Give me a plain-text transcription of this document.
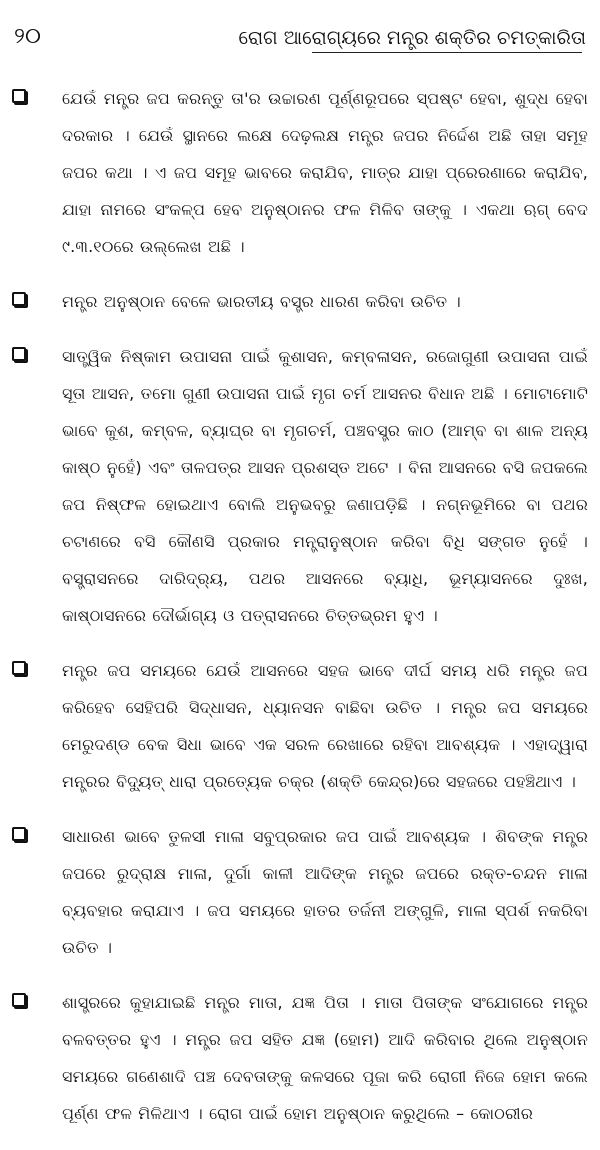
୨୦	ରୋଗ ଆରୋଗ୍ୟରେ ମନ୍ତ୍ର ଶକ୍ତିର ଚମତ୍କାରିତା
ଯେଉଁ ମନ୍ତ୍ର ଜପ କରନ୍ତୁ ତା'ର ଉଚ୍ଚାରଣ ପୂର୍ଣ୍ଣରୂପରେ ସ୍ପଷ୍ଟ ହେବା, ଶୁଦ୍ଧ ହେବା ଦରକାର । ଯେଉଁ ସ୍ଥାନରେ ଲକ୍ଷେ ଦେଢ଼ଲକ୍ଷ ମନ୍ତ୍ର ଜପର ନିର୍ଦ୍ଦେଶ ଅଛି ତାହା ସମୂହ ଜପର କଥା । ଏ ଜପ ସମୂହ ଭାବରେ କରାଯିବ, ମାତ୍ର ଯାହା ପ୍ରେରଣାରେ କରାଯିବ, ଯାହା ନାମରେ ସଂକଳ୍ପ ହେବ ଅନୁଷ୍ଠାନର ଫଳ ମିଳିବ ତାଙ୍କୁ । ଏକଥା ଋଗ୍ ବେଦ ୯.୩.୧୦ରେ ଉଲ୍ଲେଖ ଅଛି ।
ମନ୍ତ୍ର ଅନୁଷ୍ଠାନ ବେଳେ ଭାରତୀୟ ବସ୍ତ୍ର ଧାରଣ କରିବା ଉଚିତ ।
ସାତ୍ତ୍ୱିକ ନିଷ୍କାମ ଉପାସନା ପାଇଁ କୁଶାସନ, କମ୍ବଳାସନ, ରଜୋଗୁଣୀ ଉପାସନା ପାଇଁ ସୂତା ଆସନ, ତମୋ ଗୁଣୀ ଉପାସନା ପାଇଁ ମୃଗ ଚର୍ମ ଆସନର ବିଧାନ ଅଛି । ମୋଟାମୋଟି ଭାବେ କୁଶ, କମ୍ବଳ, ବ୍ୟାଘ୍ର ବା ମୃଗଚର୍ମ, ପଞ୍ଚବସ୍ତ୍ର କାଠ (ଆମ୍ବ ବା ଶାଳ ଅନ୍ୟ କାଷ୍ଠ ନୁହେଁ) ଏବଂ ତାଳପତ୍ର ଆସନ ପ୍ରଶସ୍ତ ଅଟେ । ବିନା ଆସନରେ ବସି ଜପକଲେ ଜପ ନିଷ୍ଫଳ ହୋଇଥାଏ ବୋଲି ଅନୁଭବରୁ ଜଣାପଡ଼ିଛି । ନଗ୍ନଭୂମିରେ ବା ପଥର ଚଟାଣରେ ବସି କୌଣସି ପ୍ରକାର ମନ୍ତ୍ରାନୁଷ୍ଠାନ କରିବା ବିଧି ସଙ୍ଗତ ନୁହେଁ । ବସ୍ତ୍ରାସନରେ ଦାରିଦ୍ର୍ୟ, ପଥର ଆସନରେ ବ୍ୟାଧି, ଭୂମ୍ୟାସନରେ ଦୁଃଖ, କାଷ୍ଠାସନରେ ଦୌର୍ଭାଗ୍ୟ ଓ ପତ୍ରାସନରେ ଚିତ୍ତଭ୍ରମ ହୁଏ ।
ମନ୍ତ୍ର ଜପ ସମୟରେ ଯେଉଁ ଆସନରେ ସହଜ ଭାବେ ଦୀର୍ଘ ସମୟ ଧରି ମନ୍ତ୍ର ଜପ କରିହେବ ସେହିପରି ସିଦ୍ଧାସନ, ଧ୍ୟାନସନ ବାଛିବା ଉଚିତ । ମନ୍ତ୍ର ଜପ ସମୟରେ ମେରୁଦଣ୍ଡ ବେକ ସିଧା ଭାବେ ଏକ ସରଳ ରେଖାରେ ରହିବା ଆବଶ୍ୟକ । ଏହାଦ୍ୱାରା ମନ୍ତ୍ରର ବିଦ୍ୟୁତ୍ ଧାରା ପ୍ରତ୍ୟେକ ଚକ୍ର (ଶକ୍ତି କେନ୍ଦ୍ର)ରେ ସହଜରେ ପହଞ୍ଚିଥାଏ ।
ସାଧାରଣ ଭାବେ ତୁଳସୀ ମାଳା ସବୁପ୍ରକାର ଜପ ପାଇଁ ଆବଶ୍ୟକ । ଶିବଙ୍କ ମନ୍ତ୍ର ଜପରେ ରୁଦ୍ରାକ୍ଷ ମାଳା, ଦୁର୍ଗା କାଳୀ ଆଦିଙ୍କ ମନ୍ତ୍ର ଜପରେ ରକ୍ତ-ଚନ୍ଦନ ମାଳା ବ୍ୟବହାର କରାଯାଏ । ଜପ ସମୟରେ ହାତର ତର୍ଜନୀ ଅଙ୍ଗୁଳି, ମାଳା ସ୍ପର୍ଶ ନକରିବା ଉଚିତ ।
ଶାସ୍ତ୍ରରେ କୁହାଯାଇଛି ମନ୍ତ୍ର ମାତା, ଯଜ୍ଞ ପିତା । ମାତା ପିତାଙ୍କ ସଂଯୋଗରେ ମନ୍ତ୍ର ବଳବତ୍ତର ହୁଏ । ମନ୍ତ୍ର ଜପ ସହିତ ଯଜ୍ଞ (ହୋମ) ଆଦି କରିବାର ଥିଲେ ଅନୁଷ୍ଠାନ ସମୟରେ ଗଣେଶାଦି ପଞ୍ଚ ଦେବତାଙ୍କୁ କଳସରେ ପୂଜା କରି ରୋଗୀ ନିଜେ ହୋମ କଲେ ପୂର୍ଣ୍ଣ ଫଳ ମିଳିଥାଏ । ରୋଗ ପାଇଁ ହୋମ ଅନୁଷ୍ଠାନ କରୁଥିଲେ – କୋଠରୀର
